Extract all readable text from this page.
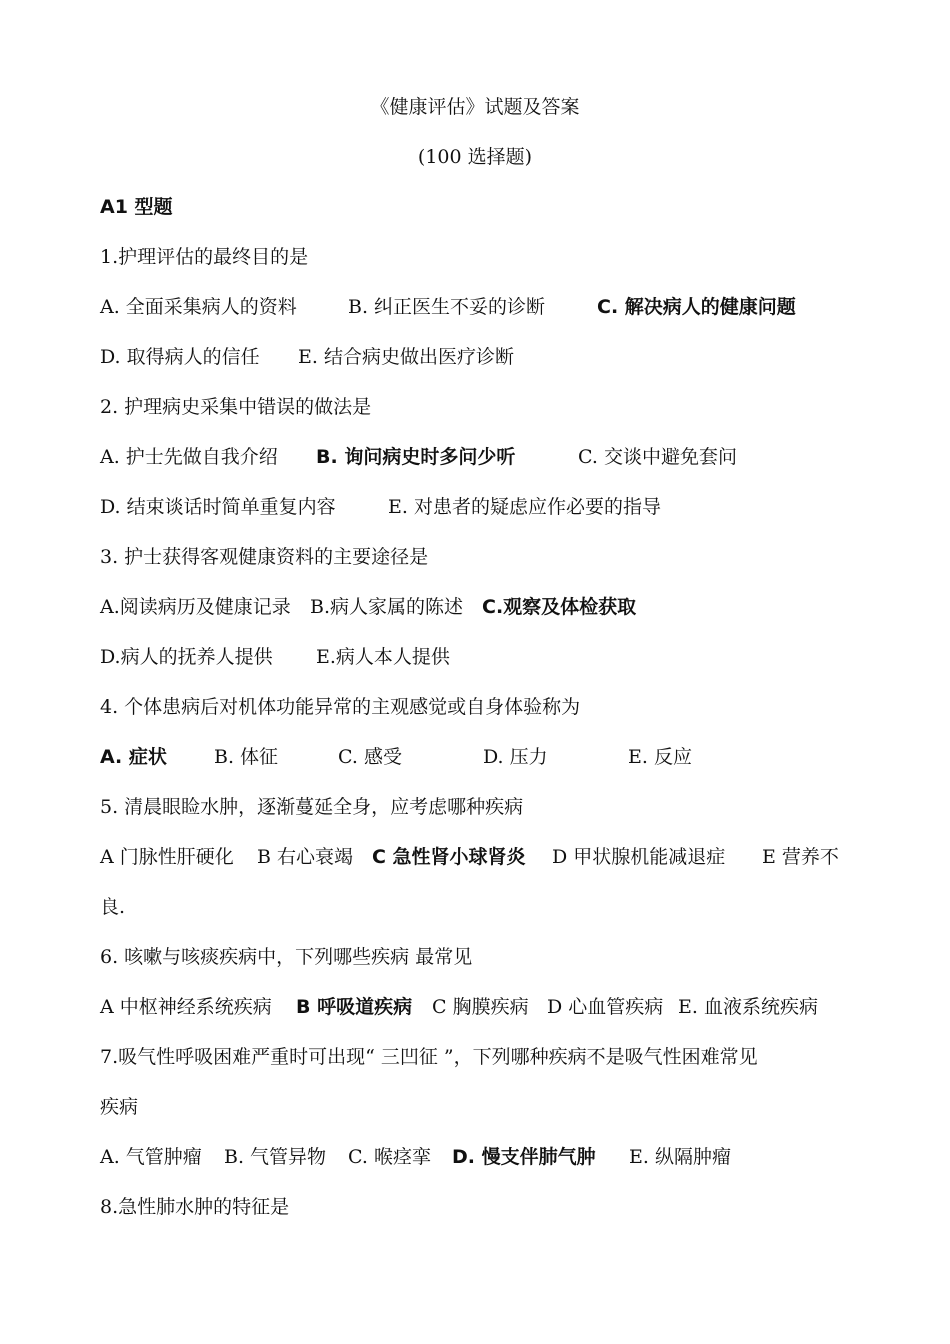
《健康评估》试题及答案
(100 选择题)
A1 型题
1.护理评估的最终目的是
A. 全面采集病人的资料	B. 纠正医生不妥的诊断	C. 解决病人的健康问题
D. 取得病人的信任 E. 结合病史做出医疗诊断
2. 护理病史采集中错误的做法是
A. 护士先做自我介绍 B. 询问病史时多问少听	C. 交谈中避免套问
D. 结束谈话时简单重复内容	E. 对患者的疑虑应作必要的指导
3. 护士获得客观健康资料的主要途径是
A.阅读病历及健康记录 B.病人家属的陈述 C.观察及体检获取
D.病人的抚养人提供 E.病人本人提供
4. 个体患病后对机体功能异常的主观感觉或自身体验称为
A. 症状 B. 体征	C. 感受	D. 压力	E. 反应
5. 清晨眼睑水肿，逐渐蔓延全身，应考虑哪种疾病
A 门脉性肝硬化 B 右心衰竭 C 急性肾小球肾炎 D 甲状腺机能减退症 E 营养不
良.
6. 咳嗽与咳痰疾病中，下列哪些疾病 最常见
A 中枢神经系统疾病 B 呼吸道疾病 C 胸膜疾病 D 心血管疾病 E. 血液系统疾病
7.吸气性呼吸困难严重时可出现“ 三凹征 ”，下列哪种疾病不是吸气性困难常见
疾病
A. 气管肿瘤 B. 气管异物 C. 喉痉挛 D. 慢支伴肺气肿 E. 纵隔肿瘤
8.急性肺水肿的特征是
